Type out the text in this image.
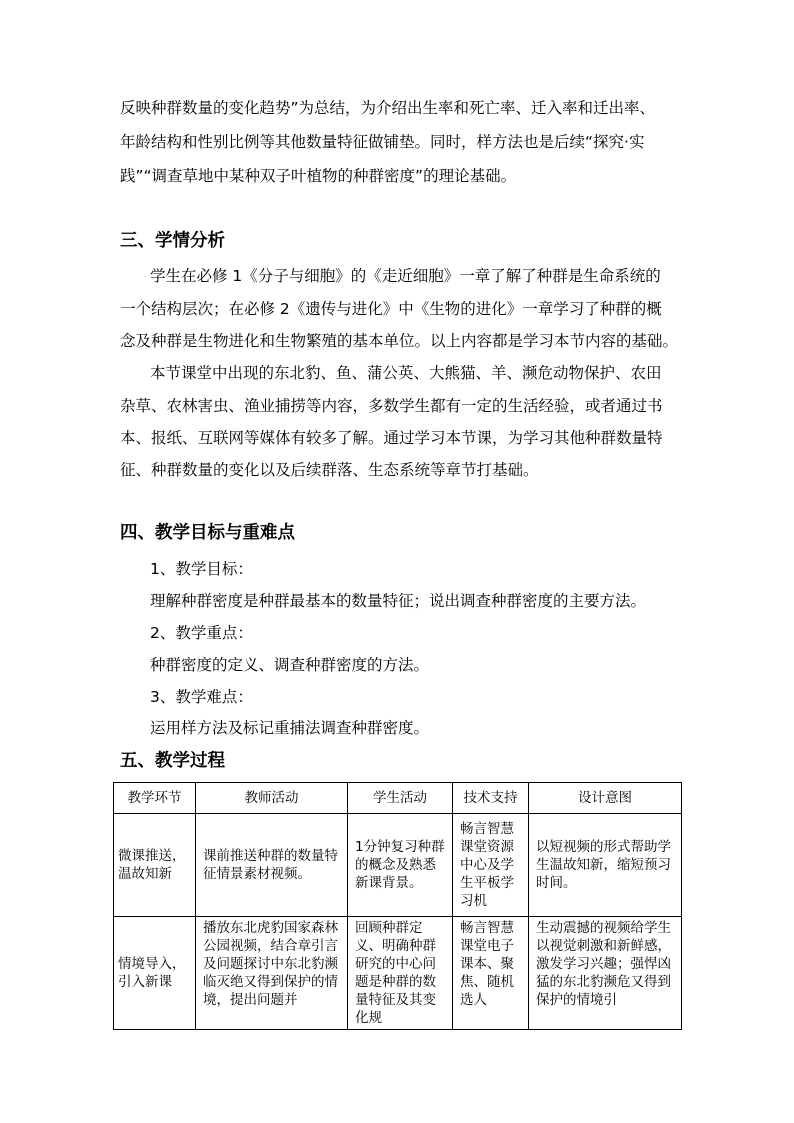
反映种群数量的变化趋势”为总结，为介绍出生率和死亡率、迁入率和迁出率、
年龄结构和性别比例等其他数量特征做铺垫。同时，样方法也是后续“探究·实
践”“调查草地中某种双子叶植物的种群密度”的理论基础。
三、学情分析
学生在必修 1《分子与细胞》的《走近细胞》一章了解了种群是生命系统的
一个结构层次；在必修 2《遗传与进化》中《生物的进化》一章学习了种群的概
念及种群是生物进化和生物繁殖的基本单位。以上内容都是学习本节内容的基础。
本节课堂中出现的东北豹、鱼、蒲公英、大熊猫、羊、濒危动物保护、农田
杂草、农林害虫、渔业捕捞等内容，多数学生都有一定的生活经验，或者通过书
本、报纸、互联网等媒体有较多了解。通过学习本节课，为学习其他种群数量特
征、种群数量的变化以及后续群落、生态系统等章节打基础。
四、教学目标与重难点
1、教学目标：
理解种群密度是种群最基本的数量特征；说出调查种群密度的主要方法。
2、教学重点：
种群密度的定义、调查种群密度的方法。
3、教学难点：
运用样方法及标记重捕法调查种群密度。
五、教学过程
教学环节	教师活动	学生活动	技术支持	设计意图
微课推送，温故知新	课前推送种群的数量特征情景素材视频。	1分钟复习种群的概念及熟悉新课背景。	畅言智慧课堂资源中心及学生平板学习机	以短视频的形式帮助学生温故知新，缩短预习时间。
情境导入，引入新课	播放东北虎豹国家森林公园视频，结合章引言及问题探讨中东北豹濒临灭绝又得到保护的情境，提出问题并	回顾种群定义、明确种群研究的中心问题是种群的数量特征及其变化规	畅言智慧课堂电子课本、聚焦、随机选人	生动震撼的视频给学生以视觉刺激和新鲜感，激发学习兴趣；强悍凶猛的东北豹濒危又得到保护的情境引
